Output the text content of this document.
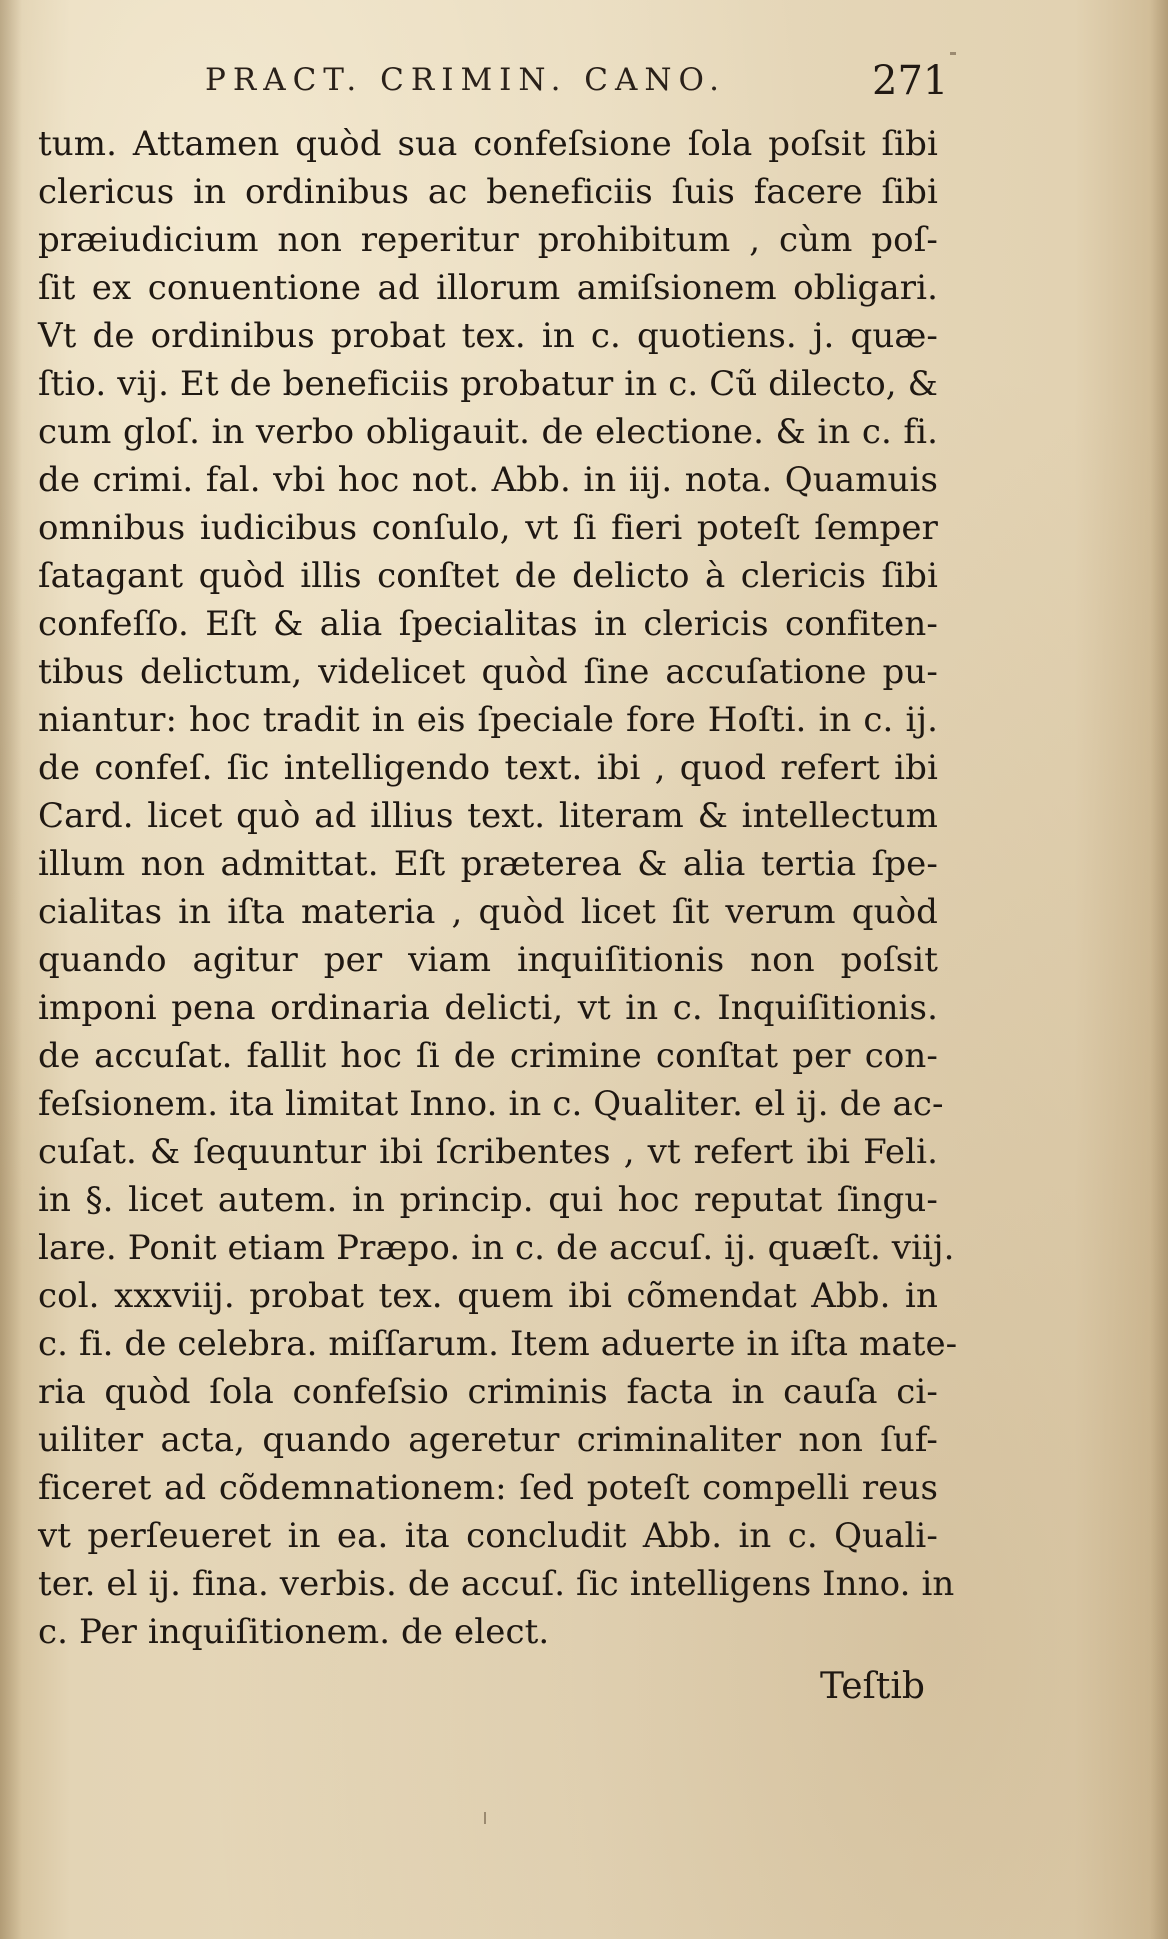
PRACT. CRIMIN. CANO.	271
tum. Attamen quòd sua confeſsione ſola poſsit ſibi
clericus in ordinibus ac beneficiis ſuis facere ſibi
præiudicium non reperitur prohibitum , cùm poſ-
ſit ex conuentione ad illorum amiſsionem obligari.
Vt de ordinibus probat tex. in c. quotiens. j. quæ-
ſtio. vij. Et de beneficiis probatur in c. Cũ dilecto, &
cum gloſ. in verbo obligauit. de electione. & in c. fi.
de crimi. fal. vbi hoc not. Abb. in iij. nota. Quamuis
omnibus iudicibus conſulo, vt ſi fieri poteſt ſemper
ſatagant quòd illis conſtet de delicto à clericis ſibi
confeſſo. Eſt & alia ſpecialitas in clericis confiten-
tibus delictum, videlicet quòd ſine accuſatione pu-
niantur: hoc tradit in eis ſpeciale fore Hoſti. in c. ij.
de confeſ. ſic intelligendo text. ibi , quod refert ibi
Card. licet quò ad illius text. literam & intellectum
illum non admittat. Eſt præterea & alia tertia ſpe-
cialitas in iſta materia , quòd licet ſit verum quòd
quando agitur per viam inquiſitionis non poſsit
imponi pena ordinaria delicti, vt in c. Inquiſitionis.
de accuſat. fallit hoc ſi de crimine conſtat per con-
feſsionem. ita limitat Inno. in c. Qualiter. el ij. de ac-
cuſat. & ſequuntur ibi ſcribentes , vt refert ibi Feli.
in §. licet autem. in princip. qui hoc reputat ſingu-
lare. Ponit etiam Præpo. in c. de accuſ. ij. quæſt. viij.
col. xxxviij. probat tex. quem ibi cõmendat Abb. in
c. fi. de celebra. miſſarum. Item aduerte in iſta mate-
ria quòd ſola confeſsio criminis facta in cauſa ci-
uiliter acta, quando ageretur criminaliter non ſuf-
ficeret ad cõdemnationem: ſed poteſt compelli reus
vt perſeueret in ea. ita concludit Abb. in c. Quali-
ter. el ij. fina. verbis. de accuſ. ſic intelligens Inno. in
c. Per inquiſitionem. de elect.
Teſtib
